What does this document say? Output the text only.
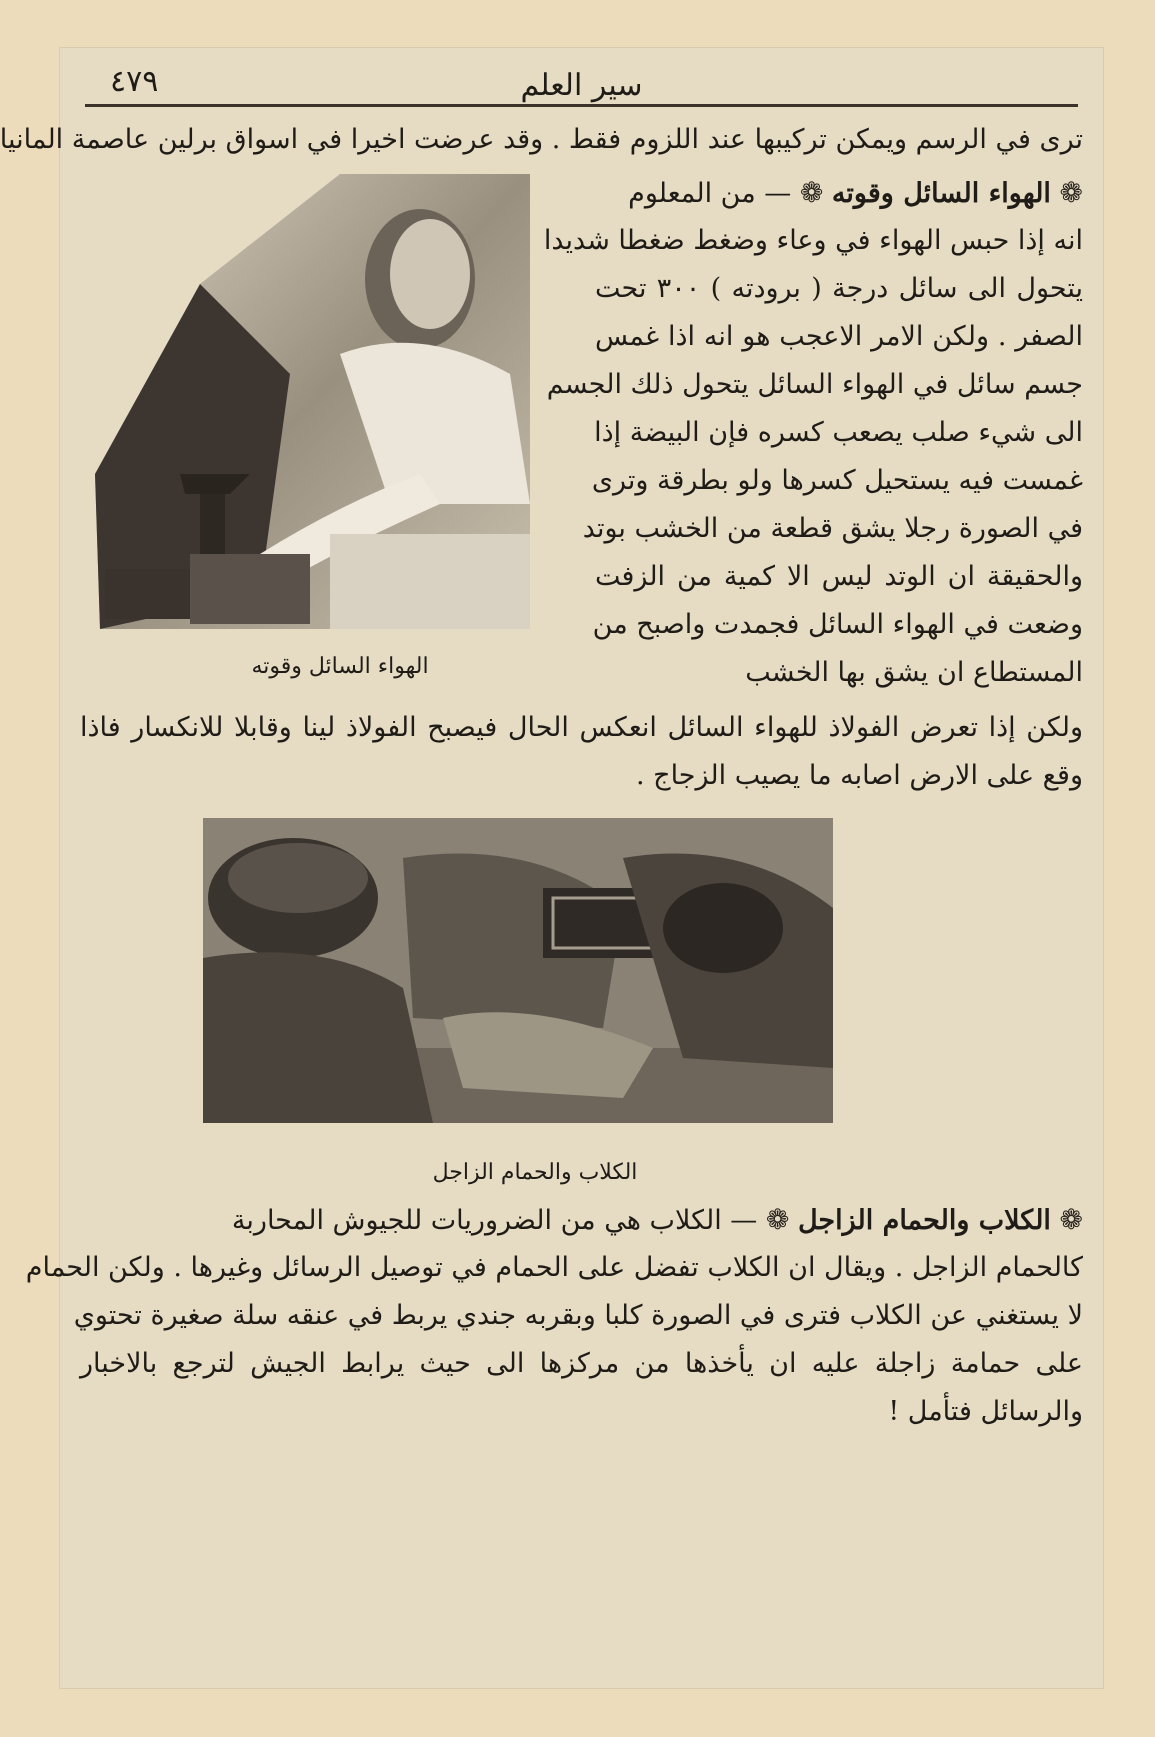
سير العلم
٤٧٩
ترى في الرسم ويمكن تركيبها عند اللزوم فقط . وقد عرضت اخيرا في اسواق برلين عاصمة المانيا
الهواء السائل وقوته
❁ الهواء السائل وقوته ❁ — من المعلوم
انه إذا حبس الهواء في وعاء وضغط ضغطا شديدا
يتحول الى سائل درجة ( برودته ) ٣٠٠ تحت
الصفر . ولكن الامر الاعجب هو انه اذا غمس
جسم سائل في الهواء السائل يتحول ذلك الجسم
الى شيء صلب يصعب كسره فإن البيضة إذا
غمست فيه يستحيل كسرها ولو بطرقة وترى
في الصورة رجلا يشق قطعة من الخشب بوتد
والحقيقة ان الوتد ليس الا كمية من الزفت
وضعت في الهواء السائل فجمدت واصبح من
المستطاع ان يشق بها الخشب
ولكن إذا تعرض الفولاذ للهواء السائل انعكس الحال فيصبح الفولاذ لينا وقابلا للانكسار فاذا
وقع على الارض اصابه ما يصيب الزجاج .
الكلاب والحمام الزاجل
❁ الكلاب والحمام الزاجل ❁ — الكلاب هي من الضروريات للجيوش المحاربة
كالحمام الزاجل . ويقال ان الكلاب تفضل على الحمام في توصيل الرسائل وغيرها . ولكن الحمام
لا يستغني عن الكلاب فترى في الصورة كلبا وبقربه جندي يربط في عنقه سلة صغيرة تحتوي
على حمامة زاجلة عليه ان يأخذها من مركزها الى حيث يرابط الجيش لترجع بالاخبار
والرسائل فتأمل !
